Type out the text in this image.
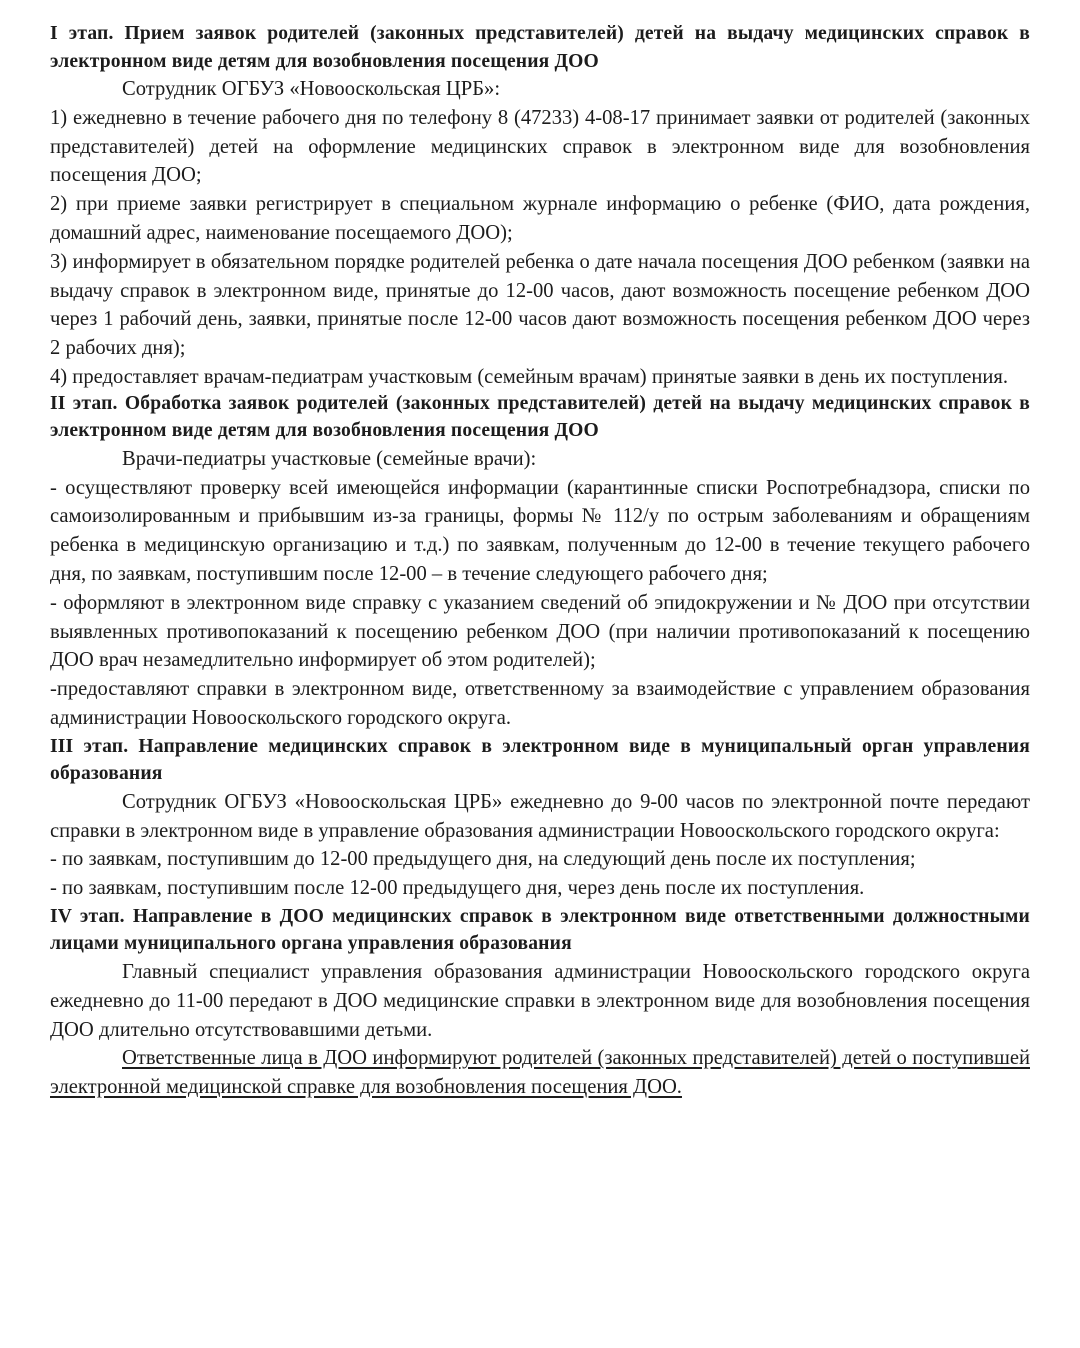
I этап. Прием заявок родителей (законных представителей) детей на выдачу медицинских справок в электронном виде детям для возобновления посещения ДОО

Сотрудник ОГБУЗ «Новооскольская ЦРБ»:

1) ежедневно в течение рабочего дня по телефону 8 (47233) 4-08-17 принимает заявки от родителей (законных представителей) детей на оформление медицинских справок в электронном виде для возобновления посещения ДОО;

2) при приеме заявки регистрирует в специальном журнале информацию о ребенке (ФИО, дата рождения, домашний адрес, наименование посещаемого ДОО);

3) информирует в обязательном порядке родителей ребенка о дате начала посещения ДОО ребенком (заявки на выдачу справок в электронном виде, принятые до 12-00 часов, дают возможность посещение ребенком ДОО через 1 рабочий день, заявки, принятые после 12-00 часов дают возможность посещения ребенком ДОО через 2 рабочих дня);

4) предоставляет врачам-педиатрам участковым (семейным врачам) принятые заявки в день их поступления.

II этап. Обработка заявок родителей (законных представителей) детей на выдачу медицинских справок в электронном виде детям для возобновления посещения ДОО

Врачи-педиатры участковые (семейные врачи):

- осуществляют проверку всей имеющейся информации (карантинные списки Роспотребнадзора, списки по самоизолированным и прибывшим из-за границы, формы № 112/у по острым заболеваниям и обращениям ребенка в медицинскую организацию и т.д.) по заявкам, полученным до 12-00 в течение текущего рабочего дня, по заявкам, поступившим после 12-00 – в течение следующего рабочего дня;

- оформляют в электронном виде справку с указанием сведений об эпидокружении и № ДОО при отсутствии выявленных противопоказаний к посещению ребенком ДОО (при наличии противопоказаний к посещению ДОО врач незамедлительно информирует об этом родителей);

-предоставляют справки в электронном виде, ответственному за взаимодействие с управлением образования администрации Новооскольского городского округа.

III этап. Направление медицинских справок в электронном виде в муниципальный орган управления образования

Сотрудник ОГБУЗ «Новооскольская ЦРБ» ежедневно до 9-00 часов по электронной почте передают справки в электронном виде в управление образования администрации Новооскольского городского округа:

- по заявкам, поступившим до 12-00 предыдущего дня, на следующий день после их поступления;

- по заявкам, поступившим после 12-00 предыдущего дня, через день после их поступления.

IV этап. Направление в ДОО медицинских справок в электронном виде ответственными должностными лицами муниципального органа управления образования

Главный специалист управления образования администрации Новооскольского городского округа ежедневно до 11-00 передают в ДОО медицинские справки в электронном виде для возобновления посещения ДОО длительно отсутствовавшими детьми.

Ответственные лица в ДОО информируют родителей (законных представителей) детей о поступившей электронной медицинской справке для возобновления посещения ДОО.
